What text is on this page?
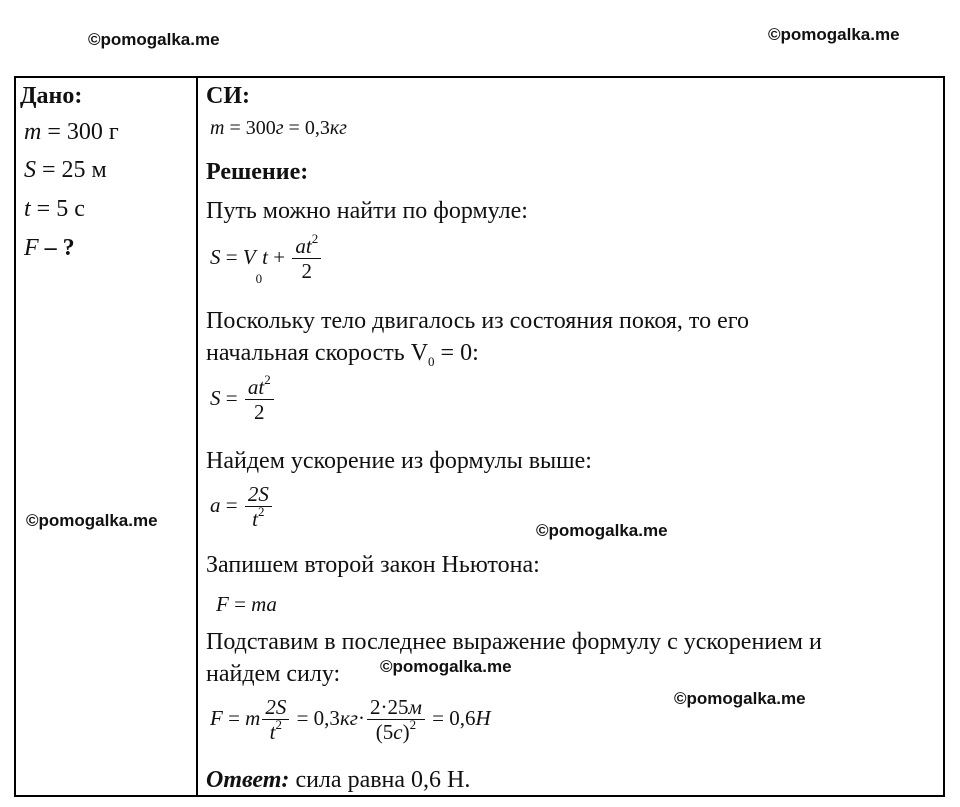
©pomogalka.me	©pomogalka.me
©pomogalka.me
©pomogalka.me
©pomogalka.me
©pomogalka.me
Дано:
m = 300 г
S = 25 м
t = 5 с
F – ?
СИ:
m = 300г = 0,3кг
Решение:
Путь можно найти по формуле:
$S = V_0t + \frac{at^2}{2}$
Поскольку тело двигалось из состояния покоя, то его
начальная скорость $V_0 = 0$:
$S = \frac{at^2}{2}$
Найдем ускорение из формулы выше:
$a = \frac{2S}{t^2}$
Запишем второй закон Ньютона:
F = ma
Подставим в последнее выражение формулу с ускорением и
найдем силу:
F = m $\frac{2S}{t^2} = 0,3кг\cdot \frac{2\cdot 25м}{(5с)^2} = 0,6Н$
Ответ: сила равна 0,6 Н.
